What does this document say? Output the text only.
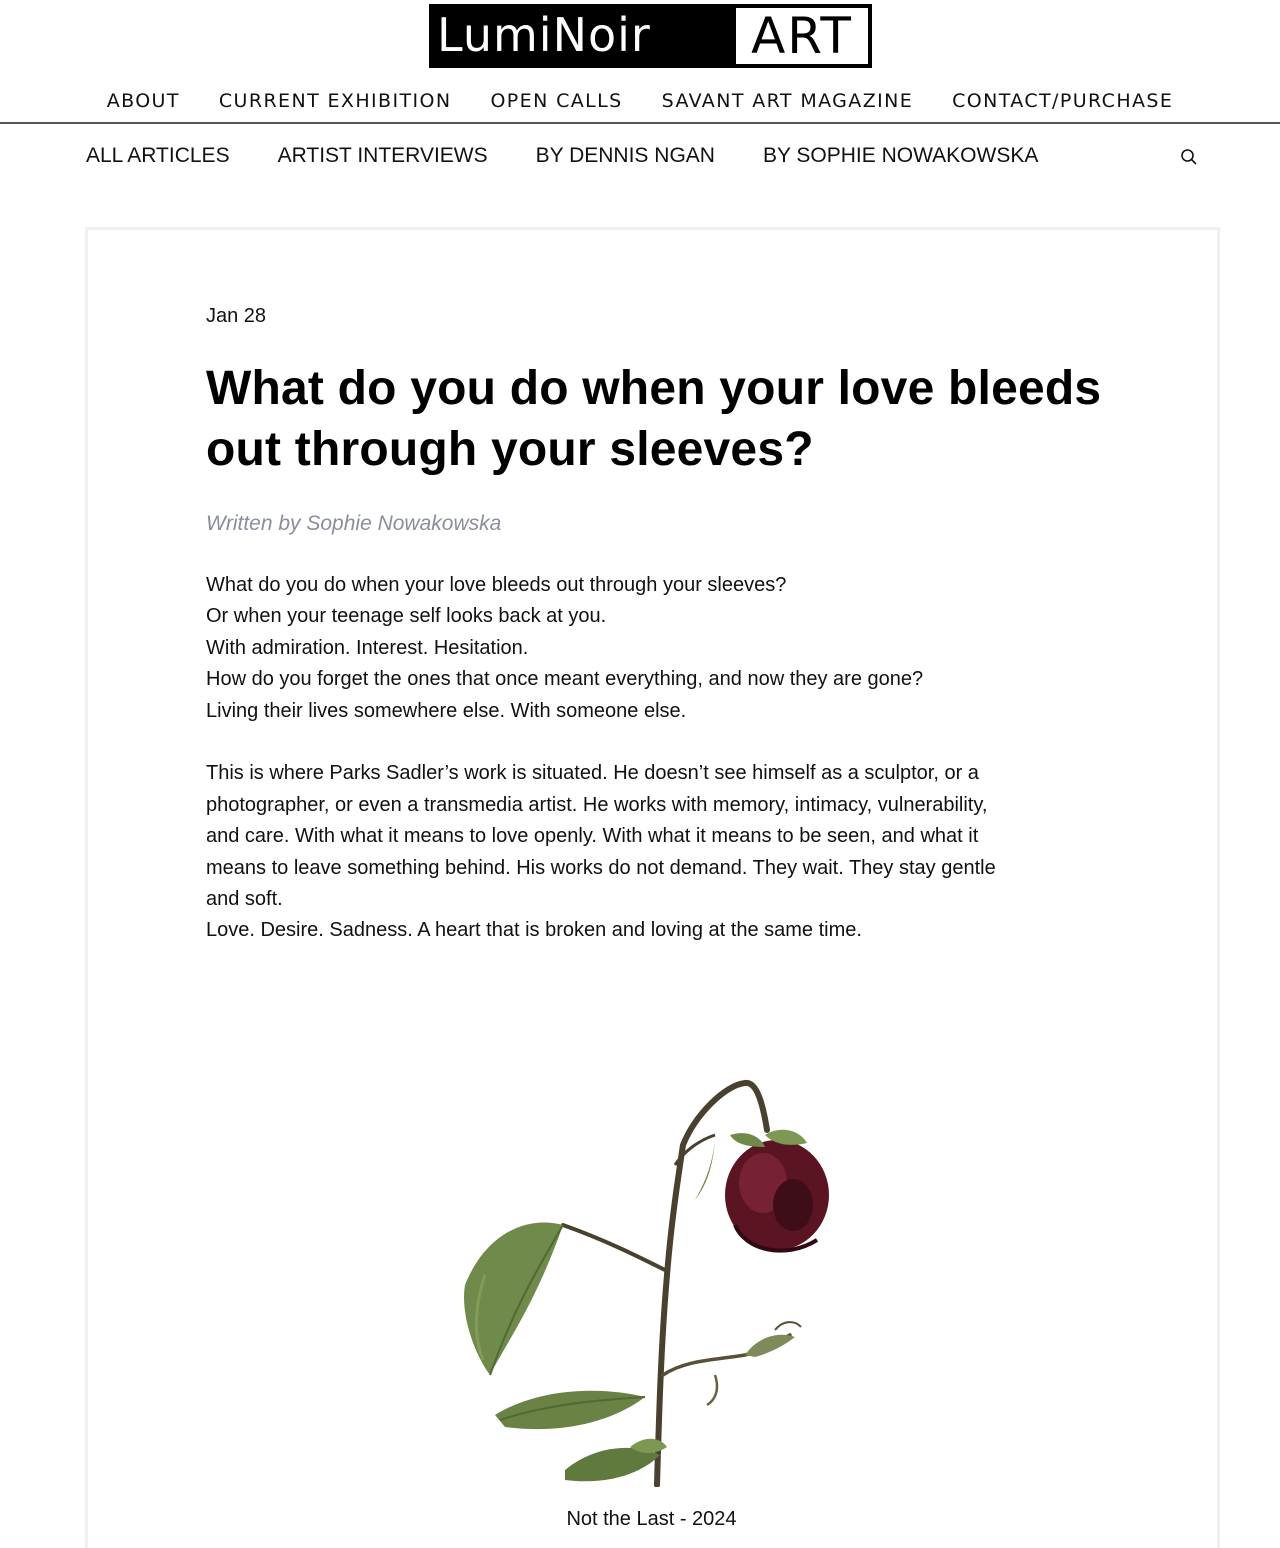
LumiNoir	ART
ABOUT CURRENT EXHIBITION OPEN CALLS SAVANT ART MAGAZINE CONTACT/PURCHASE
ALL ARTICLES ARTIST INTERVIEWS BY DENNIS NGAN BY SOPHIE NOWAKOWSKA
Jan 28
What do you do when your love bleeds
out through your sleeves?
Written by Sophie Nowakowska
What do you do when your love bleeds out through your sleeves?
Or when your teenage self looks back at you.
With admiration. Interest. Hesitation.
How do you forget the ones that once meant everything, and now they are gone?
Living their lives somewhere else. With someone else.
This is where Parks Sadler’s work is situated. He doesn’t see himself as a sculptor, or a
photographer, or even a transmedia artist. He works with memory, intimacy, vulnerability,
and care. With what it means to love openly. With what it means to be seen, and what it
means to leave something behind. His works do not demand. They wait. They stay gentle
and soft.
Love. Desire. Sadness. A heart that is broken and loving at the same time.
Not the Last - 2024
